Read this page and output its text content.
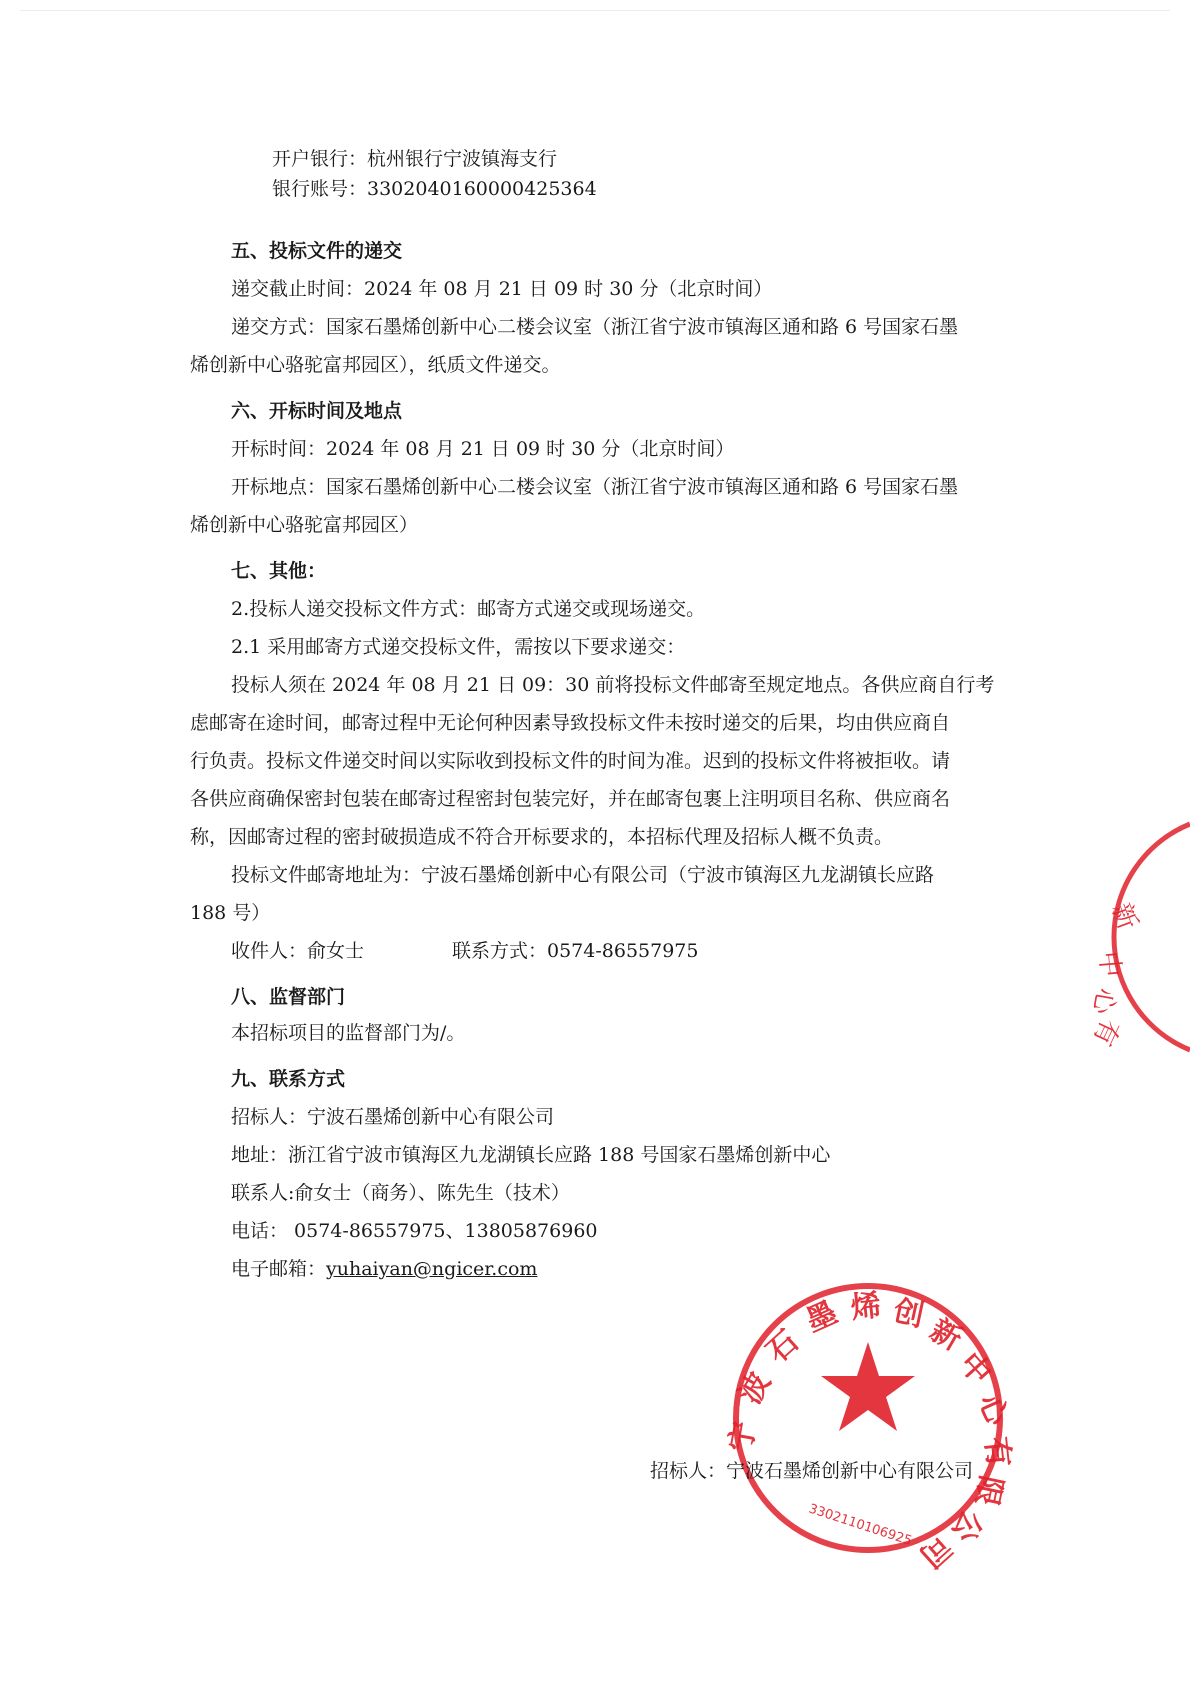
开户银行：杭州银行宁波镇海支行
银行账号：330204016000042536​4
五、投标文件的递交
递交截止时间：2024 年 08 月 21 日 09 时 30 分（北京时间）
递交方式：国家石墨烯创新中心二楼会议室（浙江省宁波市镇海区通和路 6 号国家石墨
烯创新中心骆驼富邦园区），纸质文件递交。
六、开标时间及地点
开标时间：2024 年 08 月 21 日 09 时 30 分（北京时间）
开标地点：国家石墨烯创新中心二楼会议室（浙江省宁波市镇海区通和路 6 号国家石墨
烯创新中心骆驼富邦园区）
七、其他：
2.投标人递交投标文件方式：邮寄方式递交或现场递交。
2.1 采用邮寄方式递交投标文件，需按以下要求递交：
投标人须在 2024 年 08 月 21 日 09：30 前将投标文件邮寄至规定地点。各供应商自行考
虑邮寄在途时间，邮寄过程中无论何种因素导致投标文件未按时递交的后果，均由供应商自
行负责。投标文件递交时间以实际收到投标文件的时间为准。迟到的投标文件将被拒收。请
各供应商确保密封包装在邮寄过程密封包装完好，并在邮寄包裹上注明项目名称、供应商名
称，因邮寄过程的密封破损造成不符合开标要求的，本招标代理及招标人概不负责。
投标文件邮寄地址为：宁波石墨烯创新中心有限公司（宁波市镇海区九龙湖镇长应路
188 号）
收件人：俞女士	联系方式：0574-86557975
八、监督部门
本招标项目的监督部门为/。
九、联系方式
招标人：宁波石墨烯创新中心有限公司
地址：浙江省宁波市镇海区九龙湖镇长应路 188 号国家石墨烯创新中心
联系人:俞女士（商务）、陈先生（技术）
电话： 0574-86557975、13805876960
电子邮箱：yuhaiyan@ngicer.com
新
中
心
有
宁
波
石
墨 烯 创
新
中
心
有
限
公
司
3302110106925
招标人：宁波石墨烯创新中心有限公司
